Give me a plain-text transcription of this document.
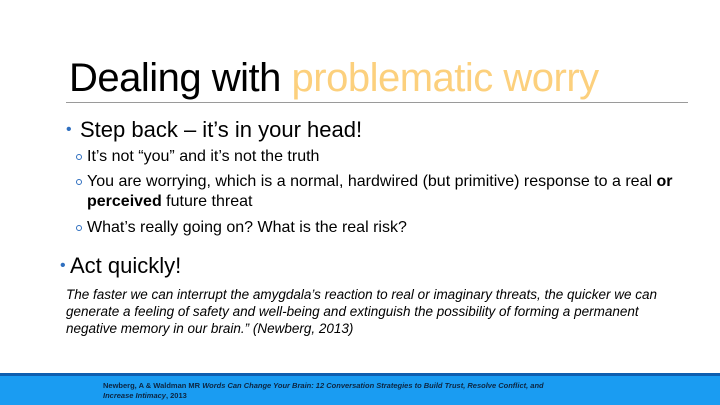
Dealing with problematic worry
• Step back – it’s in your head!
It’s not “you” and it’s not the truth
You are worrying, which is a normal, hardwired (but primitive) response to a real or perceived future threat
What’s really going on? What is the real risk?
• Act quickly!
The faster we can interrupt the amygdala’s reaction to real or imaginary threats, the quicker we can generate a feeling of safety and well-being and extinguish the possibility of forming a permanent negative memory in our brain.” (Newberg, 2013)
Newberg, A & Waldman MR Words Can Change Your Brain: 12 Conversation Strategies to Build Trust, Resolve Conflict, and Increase Intimacy, 2013
